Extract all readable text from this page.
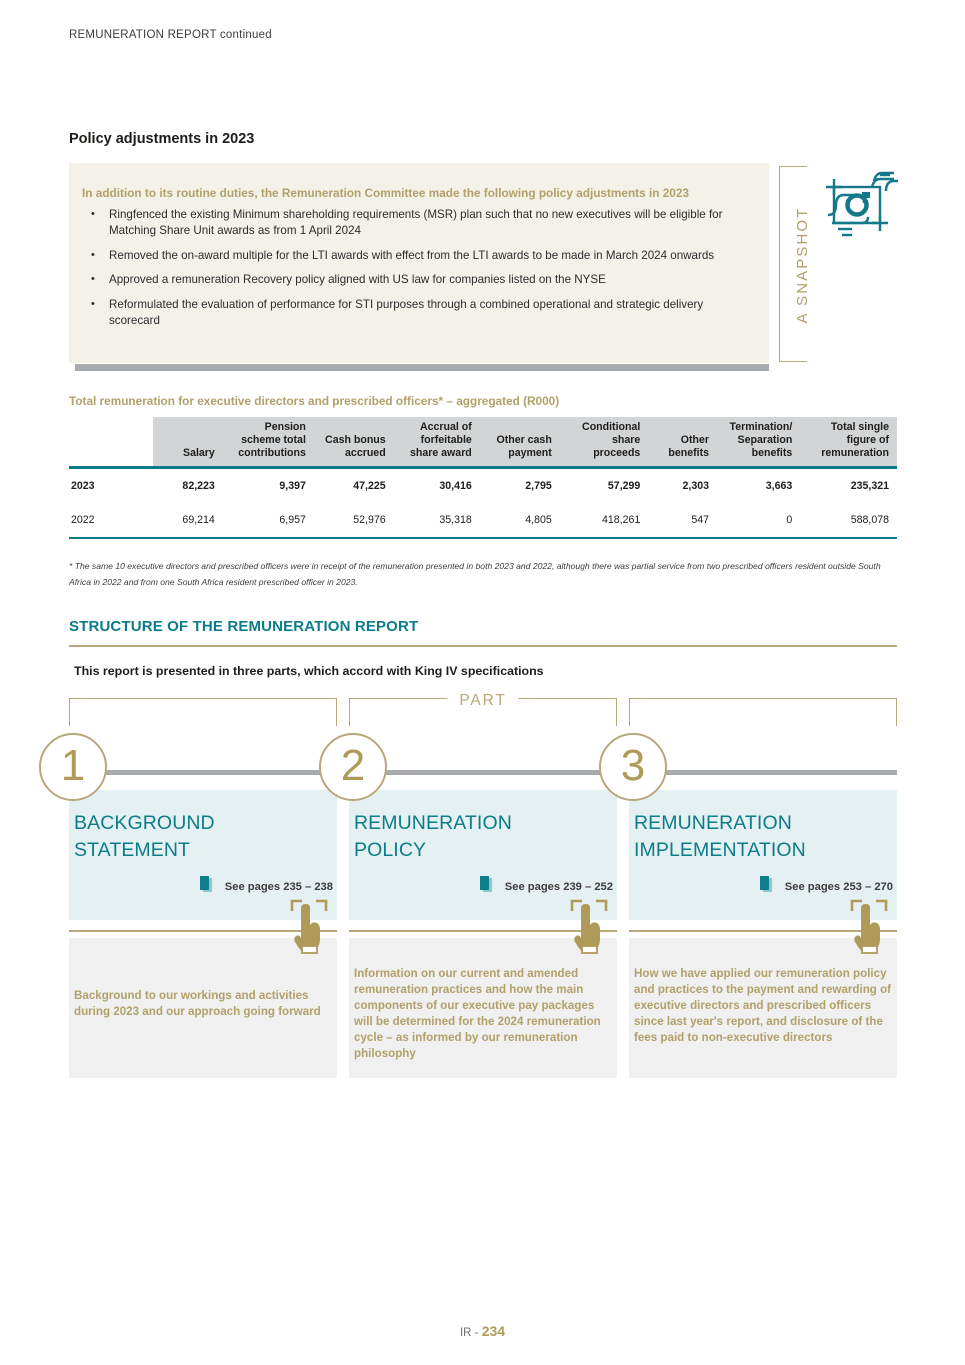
REMUNERATION REPORT continued
Policy adjustments in 2023
In addition to its routine duties, the Remuneration Committee made the following policy adjustments in 2023
• Ringfenced the existing Minimum shareholding requirements (MSR) plan such that no new executives will be eligible for Matching Share Unit awards as from 1 April 2024
• Removed the on-award multiple for the LTI awards with effect from the LTI awards to be made in March 2024 onwards
• Approved a remuneration Recovery policy aligned with US law for companies listed on the NYSE
• Reformulated the evaluation of performance for STI purposes through a combined operational and strategic delivery scorecard	A SNAPSHOT
Total remuneration for executive directors and prescribed officers* – aggregated (R000)
	Salary	Pension scheme total contributions	Cash bonus accrued	Accrual of forfeitable share award	Other cash payment	Conditional share proceeds	Other benefits	Termination/ Separation benefits	Total single figure of remuneration
2023	82,223	9,397	47,225	30,416	2,795	57,299	2,303	3,663	235,321
2022	69,214	6,957	52,976	35,318	4,805	418,261	547	0	588,078
* The same 10 executive directors and prescribed officers were in receipt of the remuneration presented in both 2023 and 2022, although there was partial service from two prescribed officers resident outside South Africa in 2022 and from one South Africa resident prescribed officer in 2023.
STRUCTURE OF THE REMUNERATION REPORT
This report is presented in three parts, which accord with King IV specifications
PART
1
BACKGROUND
STATEMENT
See pages 235 – 238
Background to our workings and activities during 2023 and our approach going forward
2
REMUNERATION
POLICY
See pages 239 – 252
Information on our current and amended remuneration practices and how the main components of our executive pay packages will be determined for the 2024 remuneration cycle – as informed by our remuneration philosophy
3
REMUNERATION
IMPLEMENTATION
See pages 253 – 270
How we have applied our remuneration policy and practices to the payment and rewarding of executive directors and prescribed officers since last year's report, and disclosure of the fees paid to non-executive directors
IR - 234
